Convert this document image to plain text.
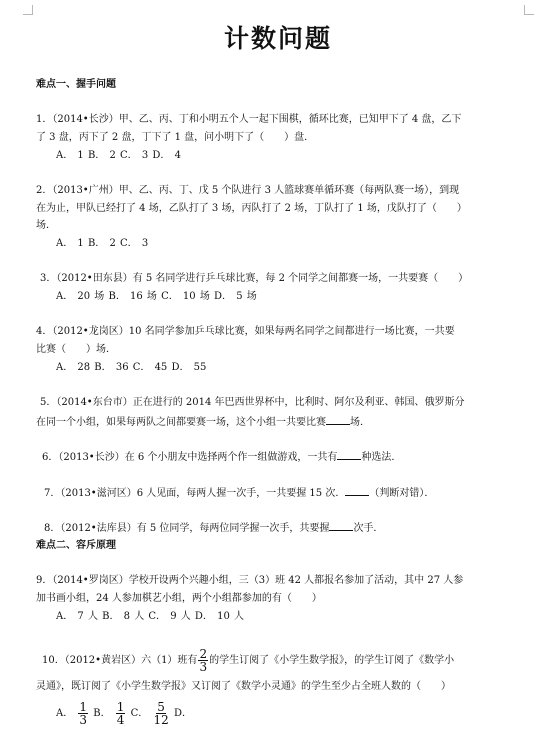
计数问题
难点一、握手问题
1．（2014•长沙）甲、乙、丙、丁和小明五个人一起下围棋，循环比赛，已知甲下了 4 盘，乙下
了 3 盘，丙下了 2 盘，丁下了 1 盘，问小明下了（　　）盘．
A． 1 B． 2 C． 3 D． 4
2．（2013•广州）甲、乙、丙、丁、戊 5 个队进行 3 人篮球赛单循环赛（每两队赛一场），到现
在为止，甲队已经打了 4 场，乙队打了 3 场，丙队打了 2 场，丁队打了 1 场，戊队打了（　　）
场．
A． 1 B． 2 C． 3
3．（2012•田东县）有 5 名同学进行乒乓球比赛，每 2 个同学之间都赛一场，一共要赛（　　）
A． 20 场 B． 16 场 C． 10 场 D． 5 场
4．（2012•龙岗区）10 名同学参加乒乓球比赛，如果每两名同学之间都进行一场比赛，一共要
比赛（　　）场．
A． 28 B． 36 C． 45 D． 55
5．（2014•东台市）正在进行的 2014 年巴西世界杯中，比利时、阿尔及利亚、韩国、俄罗斯分
在同一个小组，如果每两队之间都要赛一场，这个小组一共要比赛 场．
6．（2013•长沙）在 6 个小朋友中选择两个作一组做游戏，一共有 种选法．
7．（2013•滋河区）6 人见面，每两人握一次手，一共要握 15 次． （判断对错）．
8．（2012•法库县）有 5 位同学，每两位同学握一次手，共要握 次手．
难点二、容斥原理
9．（2014•罗岗区）学校开设两个兴趣小组，三（3）班 42 人都报名参加了活动，其中 27 人参
加书画小组，24 人参加棋艺小组，两个小组都参加的有（　　）
A． 7 人 B． 8 人 C． 9 人 D． 10 人
10．（2012•黄岩区）六（1）班有 $\frac{2}{3}$ 的学生订阅了《小学生数学报》，的学生订阅了《数学小
灵通》，既订阅了《小学生数学报》又订阅了《数学小灵通》的学生至少占全班人数的（　　）
A． $\frac{1}{3}$ B． $\frac{1}{4}$ C． $\frac{5}{12}$ D．
